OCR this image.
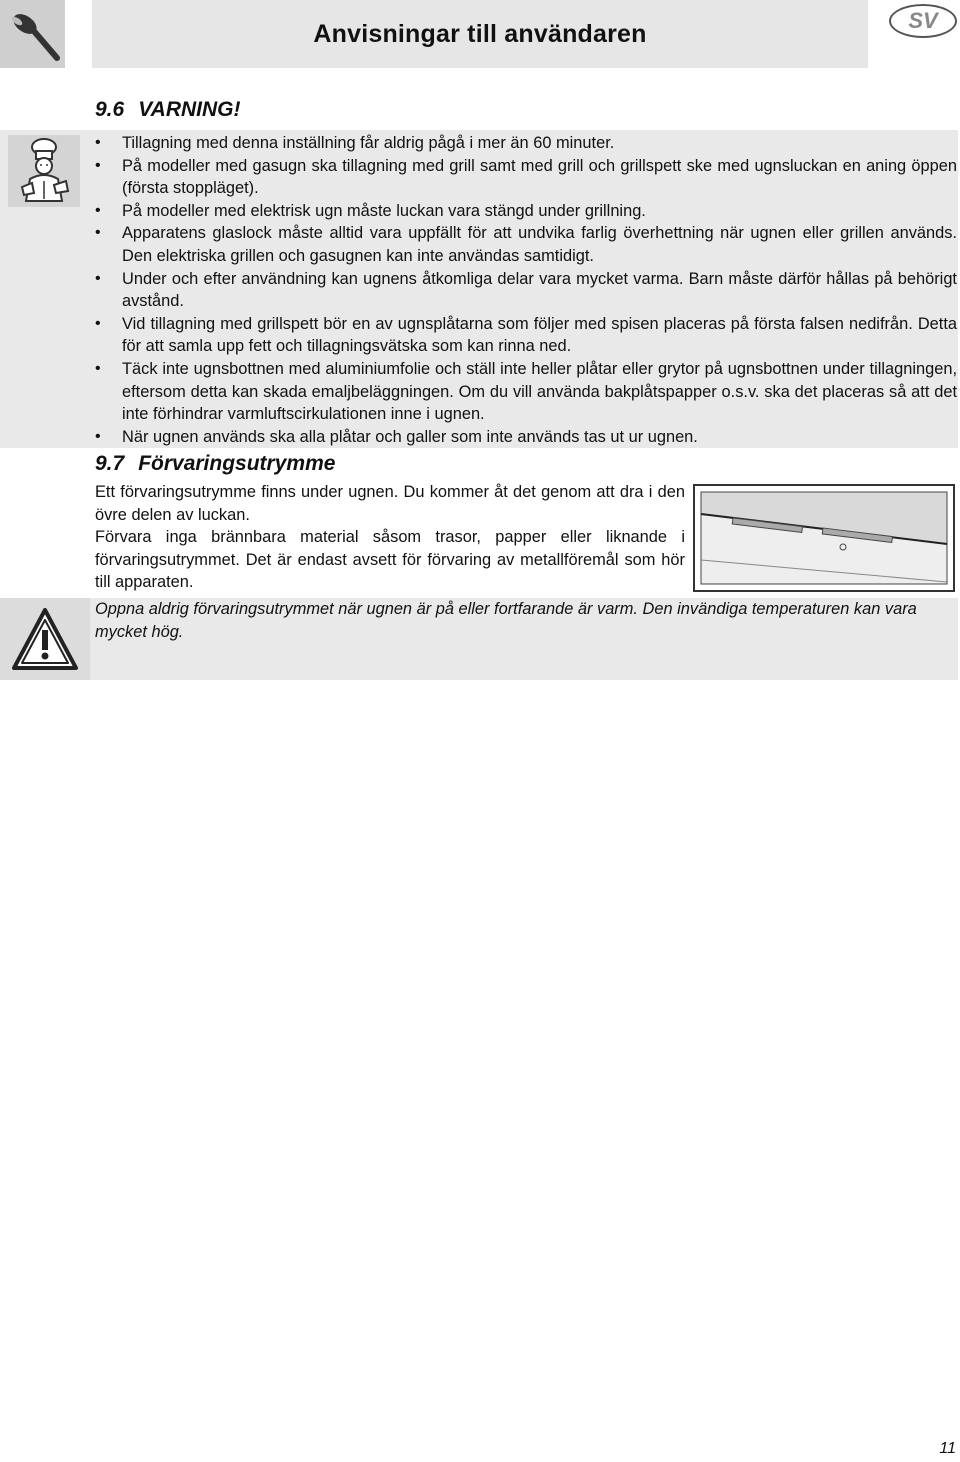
Anvisningar till användaren	SV
9.6 VARNING!
• Tillagning med denna inställning får aldrig pågå i mer än 60 minuter.
• På modeller med gasugn ska tillagning med grill samt med grill och grillspett ske med ugnsluckan en aning öppen (första stoppläget).
• På modeller med elektrisk ugn måste luckan vara stängd under grillning.
• Apparatens glaslock måste alltid vara uppfällt för att undvika farlig överhettning när ugnen eller grillen används. Den elektriska grillen och gasugnen kan inte användas samtidigt.
• Under och efter användning kan ugnens åtkomliga delar vara mycket varma. Barn måste därför hållas på behörigt avstånd.
• Vid tillagning med grillspett bör en av ugnsplåtarna som följer med spisen placeras på första falsen nedifrån. Detta för att samla upp fett och tillagningsvätska som kan rinna ned.
• Täck inte ugnsbottnen med aluminiumfolie och ställ inte heller plåtar eller grytor på ugnsbottnen under tillagningen, eftersom detta kan skada emaljbeläggningen. Om du vill använda bakplåtspapper o.s.v. ska det placeras så att det inte förhindrar varmluftscirkulationen inne i ugnen.
• När ugnen används ska alla plåtar och galler som inte används tas ut ur ugnen.
9.7 Förvaringsutrymme

Ett förvaringsutrymme finns under ugnen. Du kommer åt det genom att dra i den övre delen av luckan.

Förvara inga brännbara material såsom trasor, papper eller liknande i förvaringsutrymmet. Det är endast avsett för förvaring av metallföremål som hör till apparaten.

Oppna aldrig förvaringsutrymmet när ugnen är på eller fortfarande är varm. Den invändiga temperaturen kan vara mycket hög.

11
